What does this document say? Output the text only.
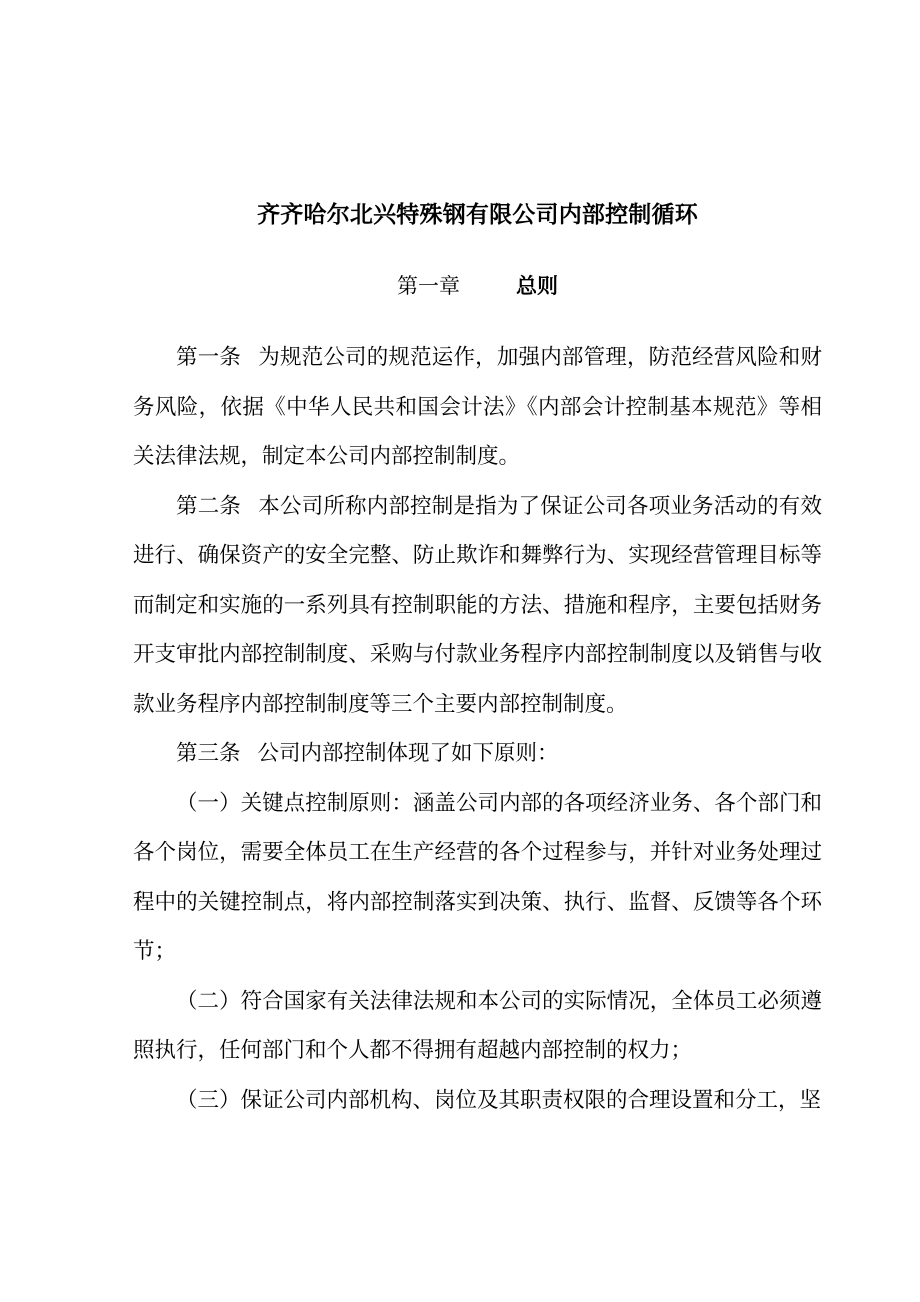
齐齐哈尔北兴特殊钢有限公司内部控制循环
第一章	总则

第一条 为规范公司的规范运作，加强内部管理，防范经营风险和财务风险，依据《中华人民共和国会计法》《内部会计控制基本规范》等相关法律法规，制定本公司内部控制制度。

第二条 本公司所称内部控制是指为了保证公司各项业务活动的有效进行、确保资产的安全完整、防止欺诈和舞弊行为、实现经营管理目标等而制定和实施的一系列具有控制职能的方法、措施和程序，主要包括财务开支审批内部控制制度、采购与付款业务程序内部控制制度以及销售与收款业务程序内部控制制度等三个主要内部控制制度。

第三条 公司内部控制体现了如下原则：

（一）关键点控制原则：涵盖公司内部的各项经济业务、各个部门和各个岗位，需要全体员工在生产经营的各个过程参与，并针对业务处理过程中的关键控制点，将内部控制落实到决策、执行、监督、反馈等各个环节；

（二）符合国家有关法律法规和本公司的实际情况，全体员工必须遵照执行，任何部门和个人都不得拥有超越内部控制的权力；

（三）保证公司内部机构、岗位及其职责权限的合理设置和分工，坚
